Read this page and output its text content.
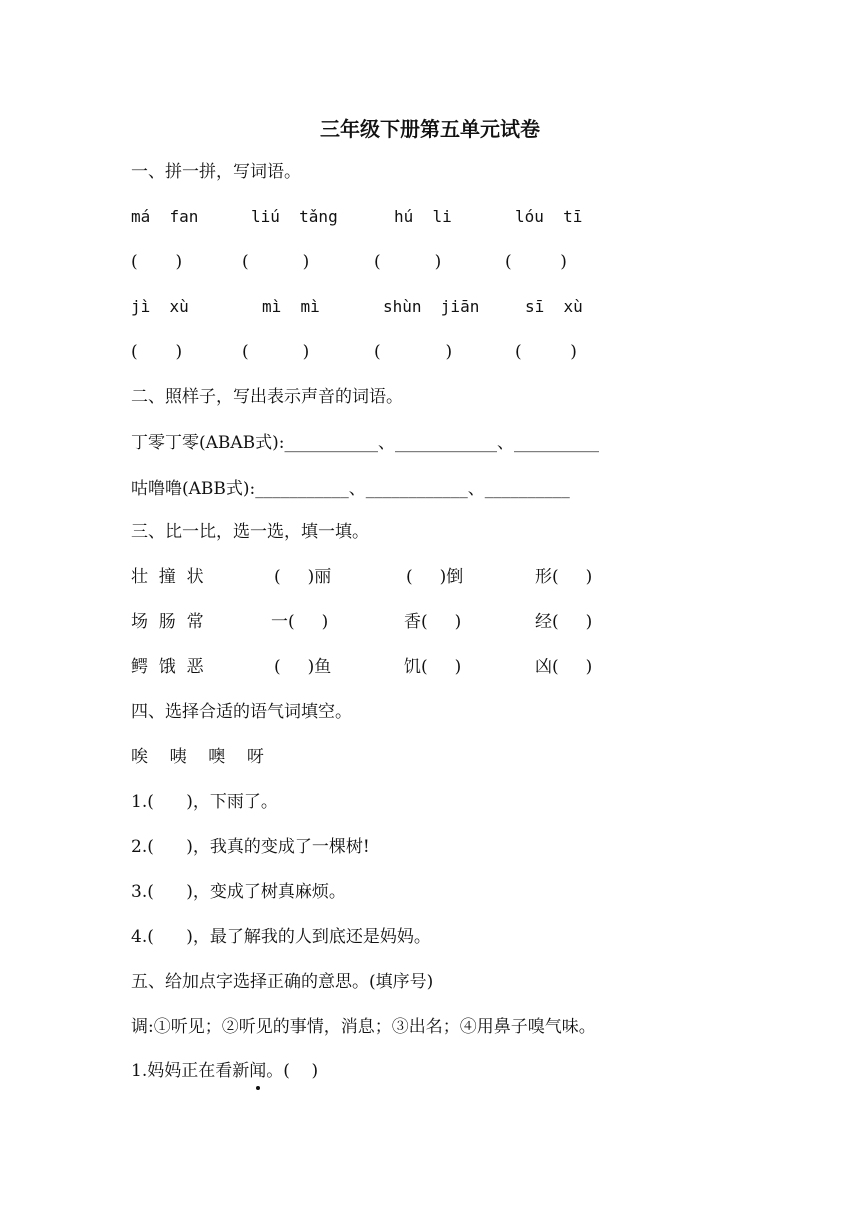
三年级下册第五单元试卷
一、拼一拼，写词语。
má  fan	liú  tǎng	hú  li	lóu  tī
(       )	(          )	(          )	(         )
jì  xù	mì  mì	shùn  jiān	sī  xù
(       )	(          )	(            )	(         )
二、照样子，写出表示声音的词语。
丁零丁零(ABAB式):___________、____________、__________
咕噜噜(ABB式):___________、____________、__________
三、比一比，选一选，填一填。
壮  撞  状	(     )丽	(     )倒	形(     )
场  肠  常	一(     )	香(     )	经(     )
鳄  饿  恶	(     )鱼	饥(     )	凶(     )
四、选择合适的语气词填空。
唉    咦    噢    呀
1.(      )，下雨了。
2.(      )，我真的变成了一棵树!
3.(      )，变成了树真麻烦。
4.(      )，最了解我的人到底还是妈妈。
五、给加点字选择正确的意思。(填序号)
调:①听见；②听见的事情，消息；③出名；④用鼻子嗅气味。
1.妈妈正在看新闻。(    )
